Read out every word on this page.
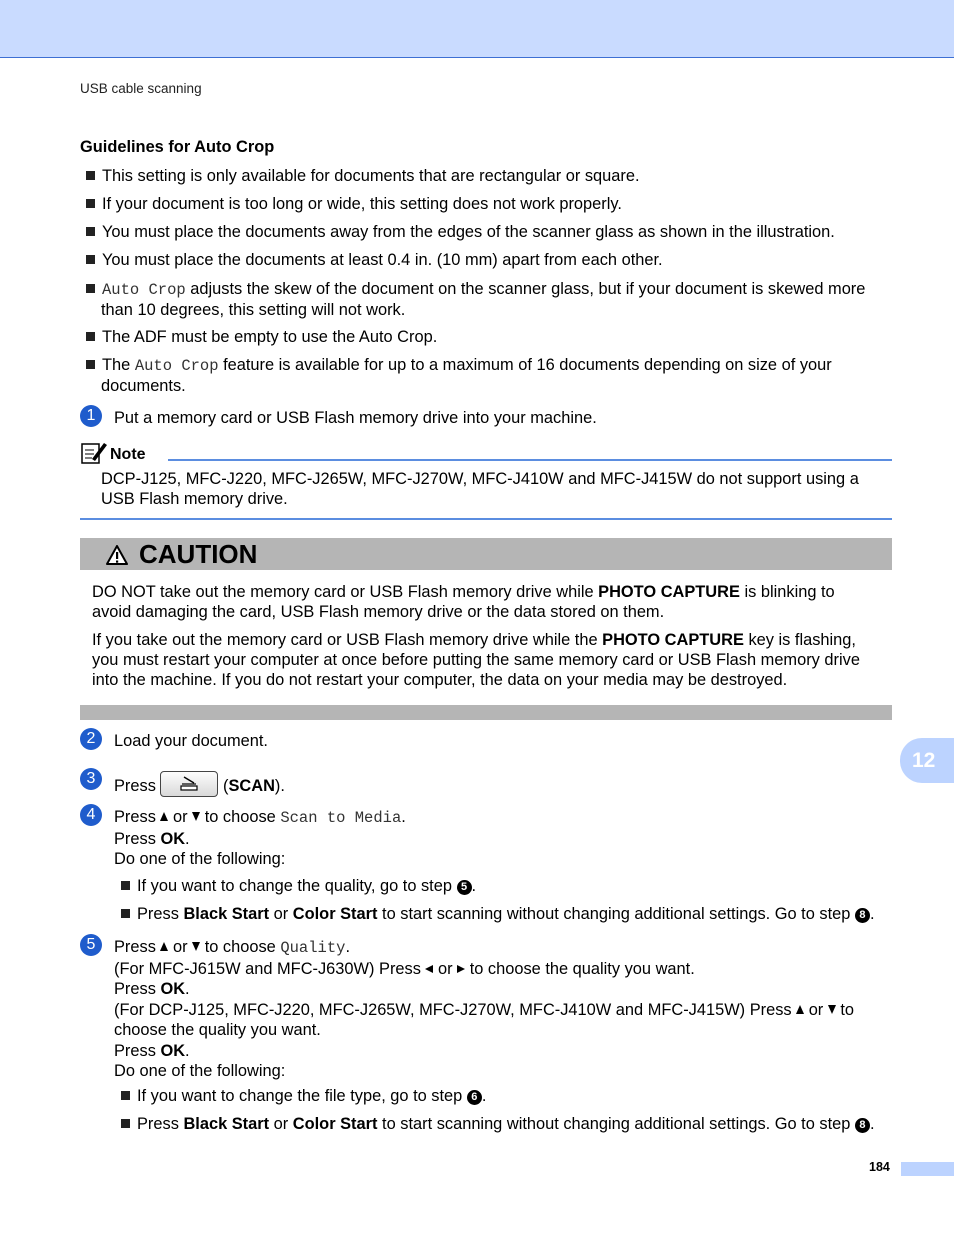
USB cable scanning
Guidelines for Auto Crop
This setting is only available for documents that are rectangular or square.
If your document is too long or wide, this setting does not work properly.
You must place the documents away from the edges of the scanner glass as shown in the illustration.
You must place the documents at least 0.4 in. (10 mm) apart from each other.
Auto Crop adjusts the skew of the document on the scanner glass, but if your document is skewed more
than 10 degrees, this setting will not work.
The ADF must be empty to use the Auto Crop.
The Auto Crop feature is available for up to a maximum of 16 documents depending on size of your
documents.
1	Put a memory card or USB Flash memory drive into your machine.
Note
DCP-J125, MFC-J220, MFC-J265W, MFC-J270W, MFC-J410W and MFC-J415W do not support using a
USB Flash memory drive.
CAUTION
DO NOT take out the memory card or USB Flash memory drive while PHOTO CAPTURE is blinking to
avoid damaging the card, USB Flash memory drive or the data stored on them.
If you take out the memory card or USB Flash memory drive while the PHOTO CAPTURE key is flashing,
you must restart your computer at once before putting the same memory card or USB Flash memory drive
into the machine. If you do not restart your computer, the data on your media may be destroyed.
2	Load your document.
3	Press	(SCAN).
4	Press  or  to choose Scan to Media.
Press OK.
Do one of the following:
If you want to change the quality, go to step 5 .
Press Black Start or Color Start to start scanning without changing additional settings. Go to step 8 .
5	Press  or  to choose Quality.
(For MFC-J615W and MFC-J630W) Press  or  to choose the quality you want.
Press OK.
(For DCP-J125, MFC-J220, MFC-J265W, MFC-J270W, MFC-J410W and MFC-J415W) Press  or  to
choose the quality you want.
Press OK.
Do one of the following:
If you want to change the file type, go to step 6 .
Press Black Start or Color Start to start scanning without changing additional settings. Go to step 8 .
12
184
